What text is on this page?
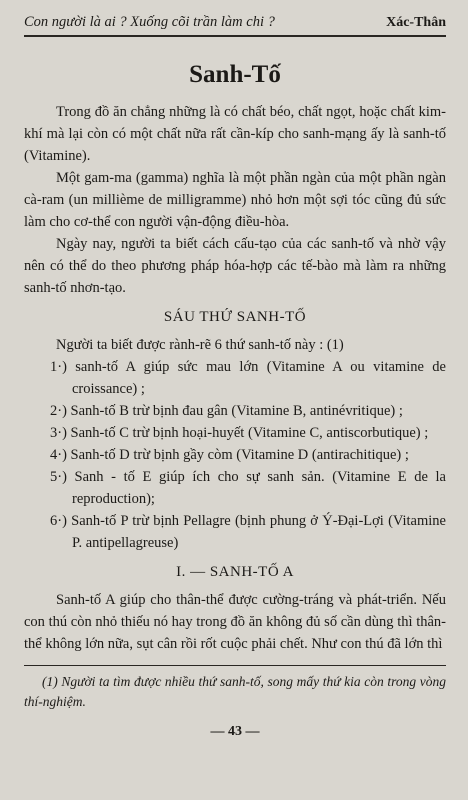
Con người là ai ? Xuống cõi trần làm chi ?	Xác-Thân
Sanh-Tố

Trong đồ ăn chẳng những là có chất béo, chất ngọt, hoặc chất kim-khí mà lại còn có một chất nữa rất cần-kíp cho sanh-mạng ấy là sanh-tố (Vitamine).

Một gam-ma (gamma) nghĩa là một phần ngàn của một phần ngàn cà-ram (un millième de milligramme) nhỏ hơn một sợi tóc cũng đủ sức làm cho cơ-thể con người vận-động điều-hòa.

Ngày nay, người ta biết cách cấu-tạo của các sanh-tố và nhờ vậy nên có thể do theo phương pháp hóa-hợp các tế-bào mà làm ra những sanh-tố nhơn-tạo.

SÁU THỨ SANH-TỐ

Người ta biết được rành-rẽ 6 thứ sanh-tố này : (1)

1·) sanh-tố A giúp sức mau lớn (Vitamine A ou vitamine de croissance) ;
2·) Sanh-tố B trừ bịnh đau gân (Vitamine B, antinévritique) ;
3·) Sanh-tố C trừ bịnh hoại-huyết (Vitamine C, antiscorbutique) ;
4·) Sanh-tố D trừ bịnh gầy còm (Vitamine D (antirachitique) ;
5·) Sanh - tố E giúp ích cho sự sanh sản. (Vitamine E de la reproduction);
6·) Sanh-tố P trừ bịnh Pellagre (bịnh phung ở Ý-Đại-Lợi (Vitamine P. antipellagreuse)
I. — SANH-TỐ A

Sanh-tố A giúp cho thân-thể được cường-tráng và phát-triển. Nếu con thú còn nhỏ thiếu nó hay trong đồ ăn không đủ số cần dùng thì thân-thể không lớn nữa, sụt cân rồi rốt cuộc phải chết. Như con thú đã lớn thì

(1) Người ta tìm được nhiều thứ sanh-tố, song mấy thứ kia còn trong vòng thí-nghiệm.

— 43 —
